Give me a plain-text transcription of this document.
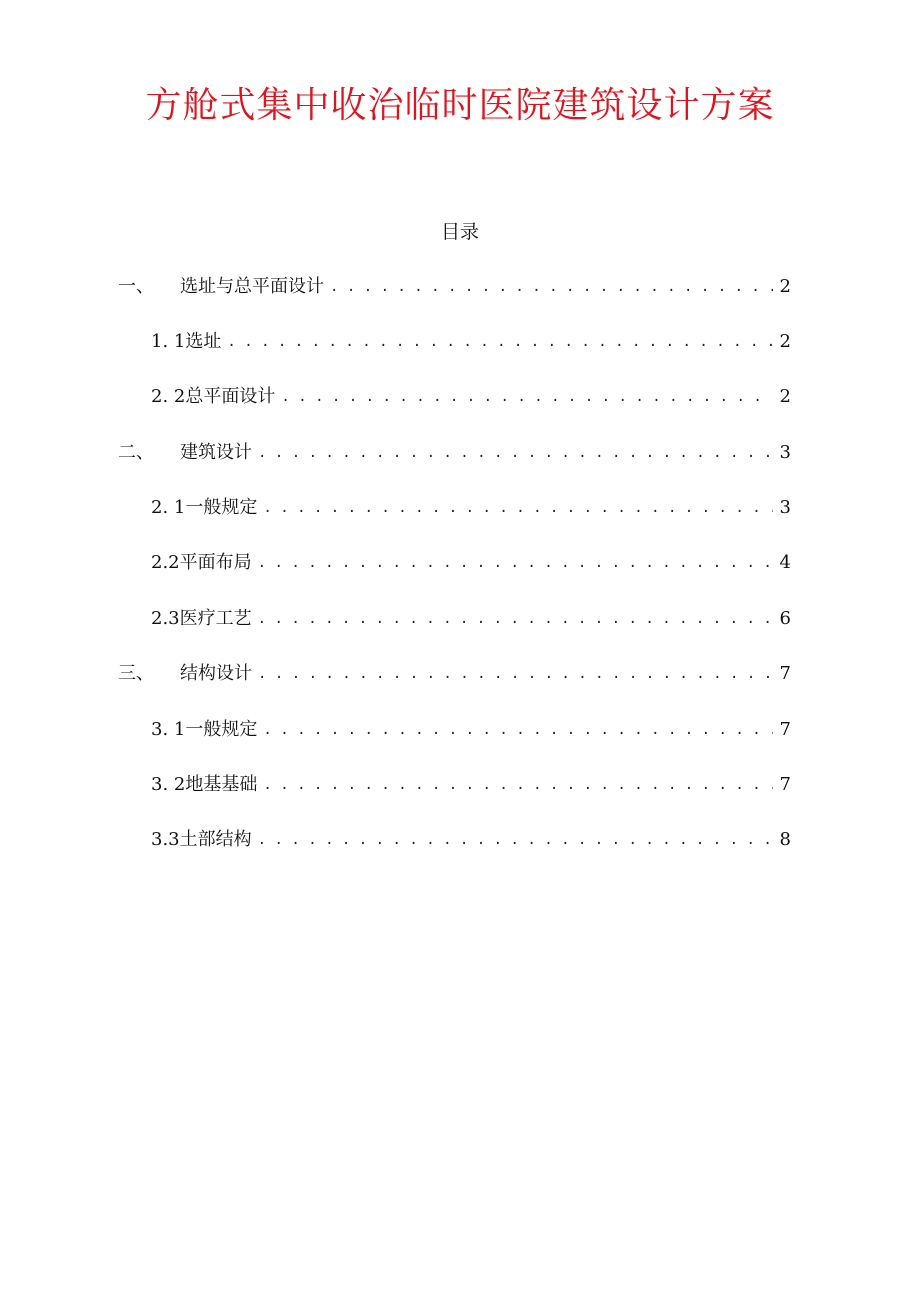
方舱式集中收治临时医院建筑设计方案
目录
一、	选址与总平面设计 . . .	2
1. 1 选址 . . .	2
2. 2 总平面设计 . . .	2
二、	建筑设计 . . .	3
2. 1 一般规定 . . .	3
2.2 平面布局 . . .	4
2.3 医疗工艺 . . .	6
三、	结构设计 . . .	7
3. 1 一般规定 . . .	7
3. 2 地基基础 . . .	7
3.3 土部结构 . . .	8
